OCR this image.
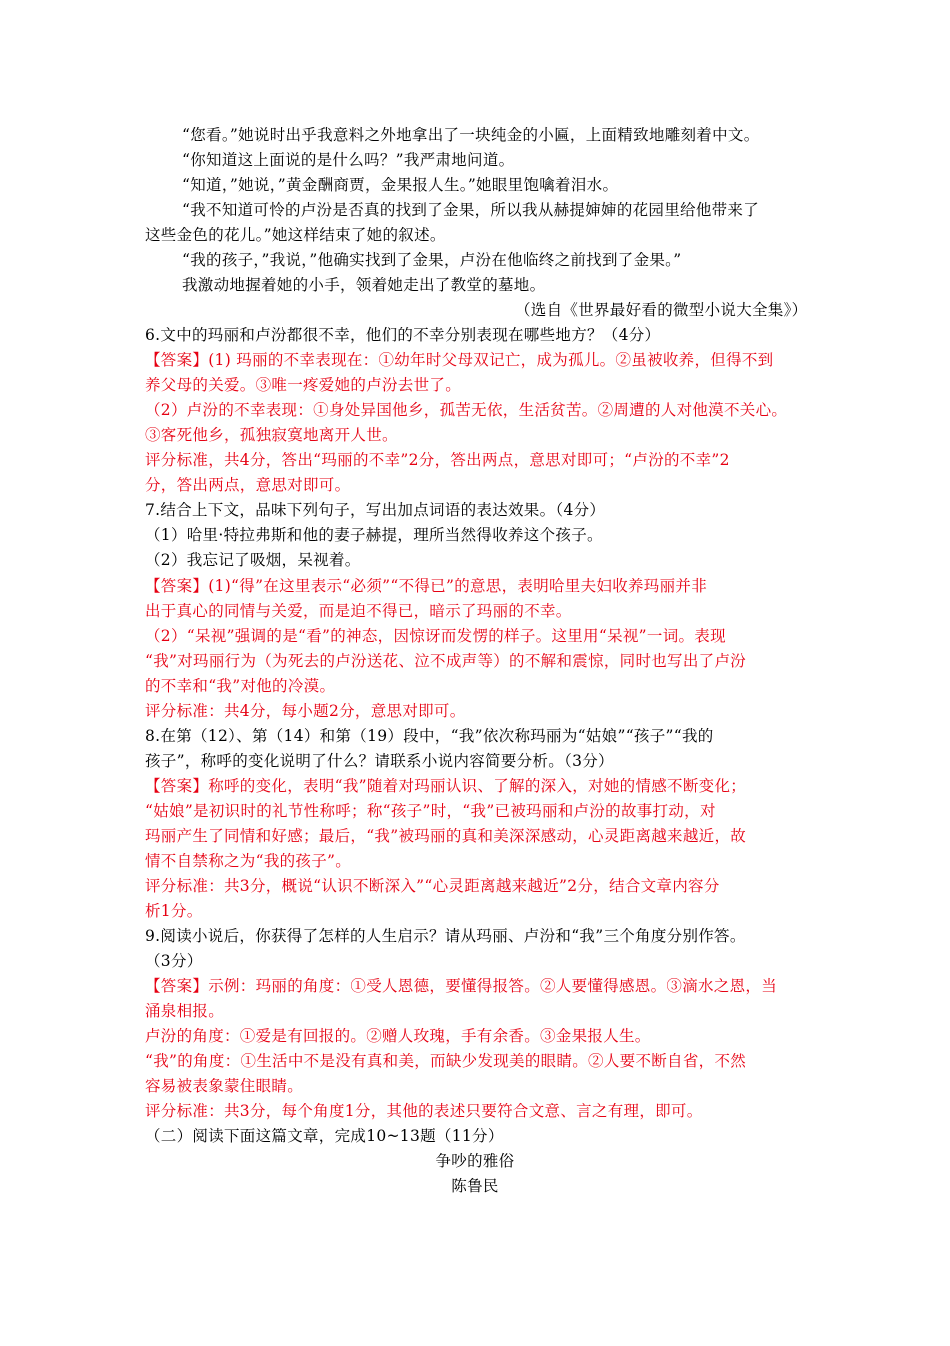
“您看。”她说时出乎我意料之外地拿出了一块纯金的小匾，上面精致地雕刻着中文。
“你知道这上面说的是什么吗？”我严肃地问道。
“知道，”她说，”黄金酬商贾，金果报人生。”她眼里饱噙着泪水。
“我不知道可怜的卢汾是否真的找到了金果，所以我从赫提婶婶的花园里给他带来了
这些金色的花儿。”她这样结束了她的叙述。
“我的孩子，”我说，”他确实找到了金果，卢汾在他临终之前找到了金果。”
我激动地握着她的小手，领着她走出了教堂的墓地。
（选自《世界最好看的微型小说大全集》）
6.文中的玛丽和卢汾都很不幸，他们的不幸分别表现在哪些地方？（4分）
【答案】(1) 玛丽的不幸表现在：①幼年时父母双记亡，成为孤儿。②虽被收养，但得不到
养父母的关爱。③唯一疼爱她的卢汾去世了。
（2）卢汾的不幸表现：①身处异国他乡，孤苦无依，生活贫苦。②周遭的人对他漠不关心。
③客死他乡，孤独寂寞地离开人世。
评分标准，共4分，答出“玛丽的不幸”2分，答出两点，意思对即可；“卢汾的不幸”2
分，答出两点，意思对即可。
7.结合上下文，品味下列句子，写出加点词语的表达效果。（4分）
（1）哈里·特拉弗斯和他的妻子赫提，理所当然得收养这个孩子。
（2）我忘记了吸烟，呆视着。
【答案】(1)“得”在这里表示“必须”“不得已”的意思，表明哈里夫妇收养玛丽并非
出于真心的同情与关爱，而是迫不得已，暗示了玛丽的不幸。
（2）“呆视”强调的是“看”的神态，因惊讶而发愣的样子。这里用“呆视”一词。表现
“我”对玛丽行为（为死去的卢汾送花、泣不成声等）的不解和震惊，同时也写出了卢汾
的不幸和“我”对他的冷漠。
评分标准：共4分，每小题2分，意思对即可。
8.在第（12）、第（14）和第（19）段中，“我”依次称玛丽为“姑娘”“孩子”“我的
孩子”，称呼的变化说明了什么？请联系小说内容简要分析。（3分）
【答案】称呼的变化，表明“我”随着对玛丽认识、了解的深入，对她的情感不断变化；
“姑娘”是初识时的礼节性称呼；称“孩子”时，“我”已被玛丽和卢汾的故事打动，对
玛丽产生了同情和好感；最后，“我”被玛丽的真和美深深感动，心灵距离越来越近，故
情不自禁称之为“我的孩子”。
评分标准：共3分，概说“认识不断深入”“心灵距离越来越近”2分，结合文章内容分
析1分。
9.阅读小说后，你获得了怎样的人生启示？请从玛丽、卢汾和“我”三个角度分别作答。
（3分）
【答案】示例：玛丽的角度：①受人恩德，要懂得报答。②人要懂得感恩。③滴水之恩，当
涌泉相报。
卢汾的角度：①爱是有回报的。②赠人玫瑰，手有余香。③金果报人生。
“我”的角度：①生活中不是没有真和美，而缺少发现美的眼睛。②人要不断自省，不然
容易被表象蒙住眼睛。
评分标准：共3分，每个角度1分，其他的表述只要符合文意、言之有理，即可。
（二）阅读下面这篇文章，完成10~13题（11分）
争吵的雅俗
陈鲁民
